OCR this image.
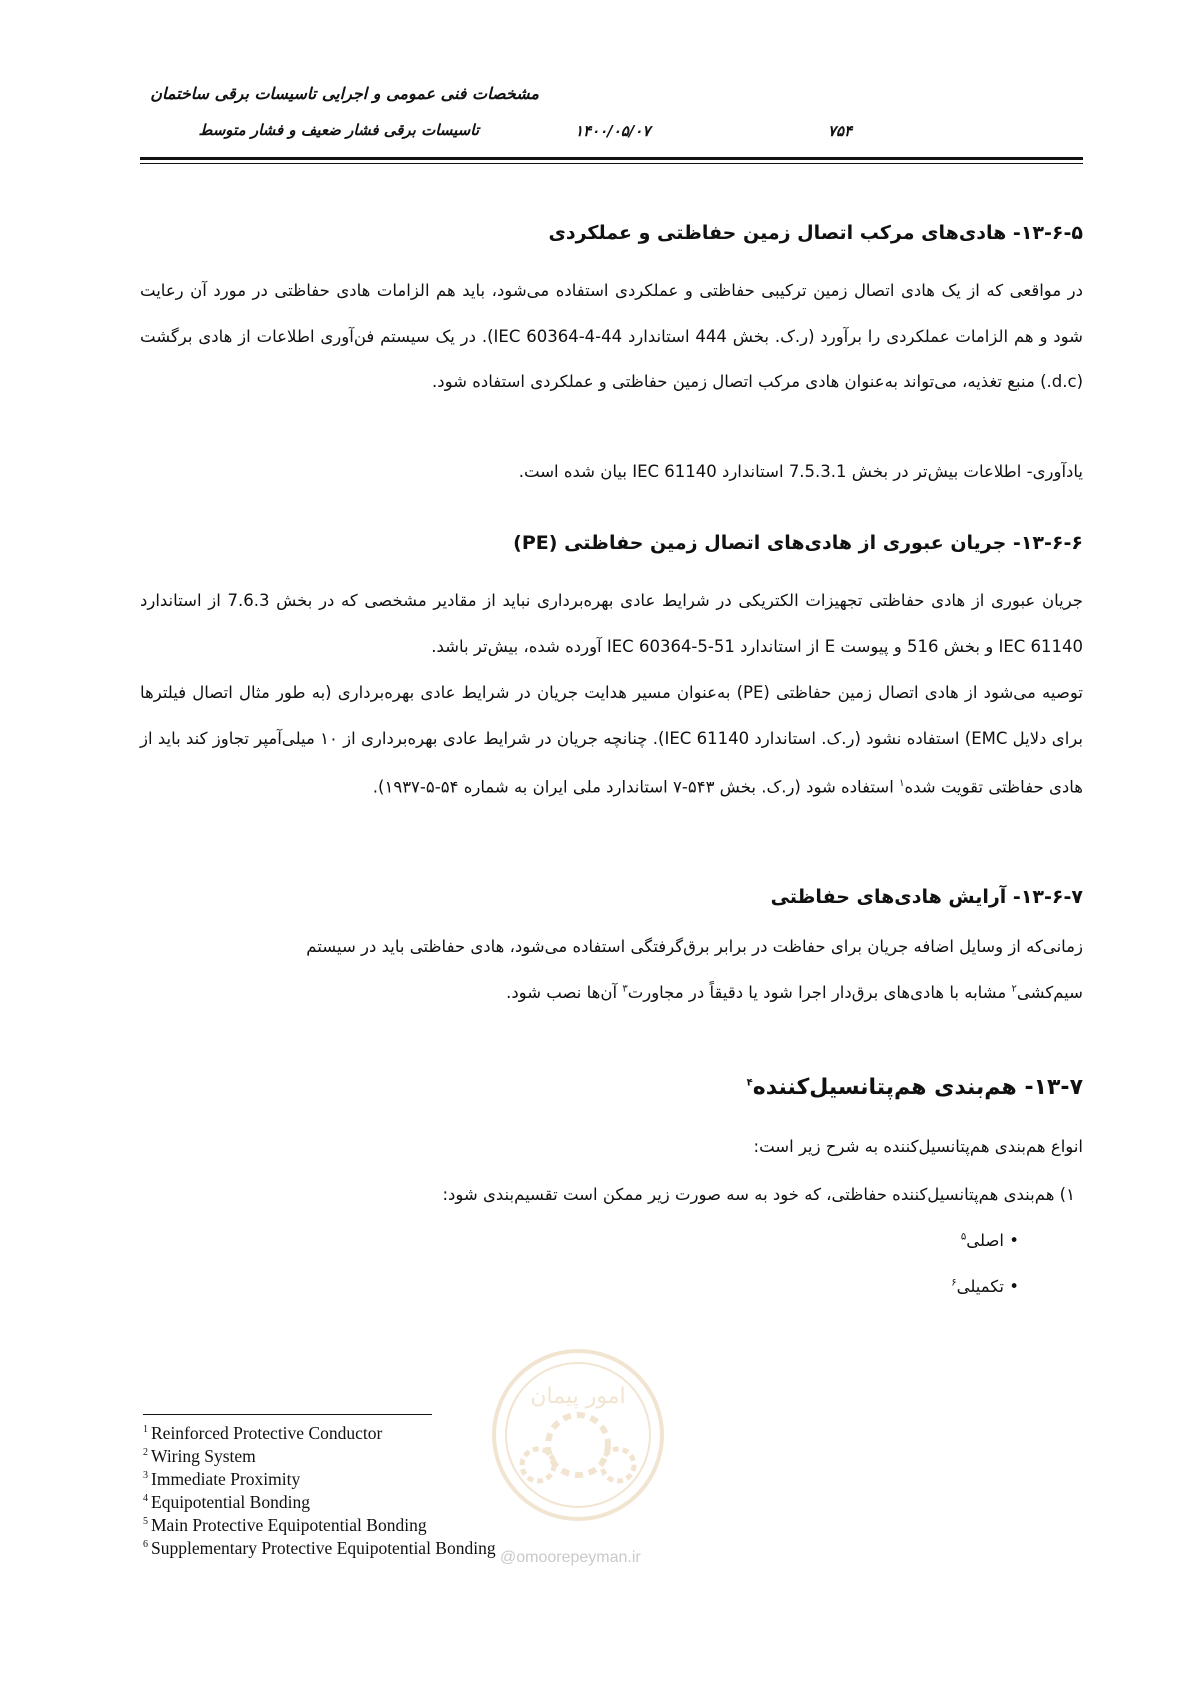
مشخصات فنی عمومی و اجرایی تاسیسات برقی ساختمان
تاسیسات برقی فشار ضعیف و فشار متوسط	۱۴۰۰/۰۵/۰۷	۷۵۴
۱۳-۶-۵- هادی‌های مرکب اتصال زمین حفاظتی و عملکردی
در مواقعی که از یک هادی اتصال زمین ترکیبی حفاظتی و عملکردی استفاده می‌شود، باید هم الزامات هادی حفاظتی در مورد آن رعایت شود و هم الزامات عملکردی را برآورد (ر.ک. بخش 444 استاندارد IEC 60364-4-44). در یک سیستم فن‌آوری اطلاعات از هادی برگشت (d.c.) منبع تغذیه، می‌تواند به‌عنوان هادی مرکب اتصال زمین حفاظتی و عملکردی استفاده شود.
یادآوری- اطلاعات بیش‌تر در بخش 7.5.3.1 استاندارد IEC 61140 بیان شده است.
۱۳-۶-۶- جریان عبوری از هادی‌های اتصال زمین حفاظتی (PE)
جریان عبوری از هادی حفاظتی تجهیزات الکتریکی در شرایط عادی بهره‌برداری نباید از مقادیر مشخصی که در بخش 7.6.3 از استاندارد IEC 61140 و بخش 516 و پیوست E از استاندارد IEC 60364-5-51 آورده شده، بیش‌تر باشد.
توصیه می‌شود از هادی اتصال زمین حفاظتی (PE) به‌عنوان مسیر هدایت جریان در شرایط عادی بهره‌برداری (به طور مثال اتصال فیلترها برای دلایل EMC) استفاده نشود (ر.ک. استاندارد IEC 61140). چنانچه جریان در شرایط عادی بهره‌برداری از ۱۰ میلی‌آمپر تجاوز کند باید از هادی حفاظتی تقویت شده$^۱$ استفاده شود (ر.ک. بخش ۵۴۳-۷ استاندارد ملی ایران به شماره ۵۴-۵-۱۹۳۷).
۱۳-۶-۷- آرایش هادی‌های حفاظتی
زمانی‌که از وسایل اضافه جریان برای حفاظت در برابر برق‌گرفتگی استفاده می‌شود، هادی حفاظتی باید در سیستم
سیم‌کشی$^۲$ مشابه با هادی‌های برق‌دار اجرا شود یا دقیقاً در مجاورت$^۳$ آن‌ها نصب شود.
۱۳-۷- هم‌بندی هم‌پتانسیل‌کننده$^۴$
انواع هم‌بندی هم‌پتانسیل‌کننده به شرح زیر است:
۱) هم‌بندی هم‌پتانسیل‌کننده حفاظتی، که خود به سه صورت زیر ممکن است تقسیم‌بندی شود:
• اصلی$^۵$
• تکمیلی$^۶$
امور پیمان
@omoorepeyman.ir
$^1$ Reinforced Protective Conductor
$^2$ Wiring System
$^3$ Immediate Proximity
$^4$ Equipotential Bonding
$^5$ Main Protective Equipotential Bonding
$^6$ Supplementary Protective Equipotential Bonding
